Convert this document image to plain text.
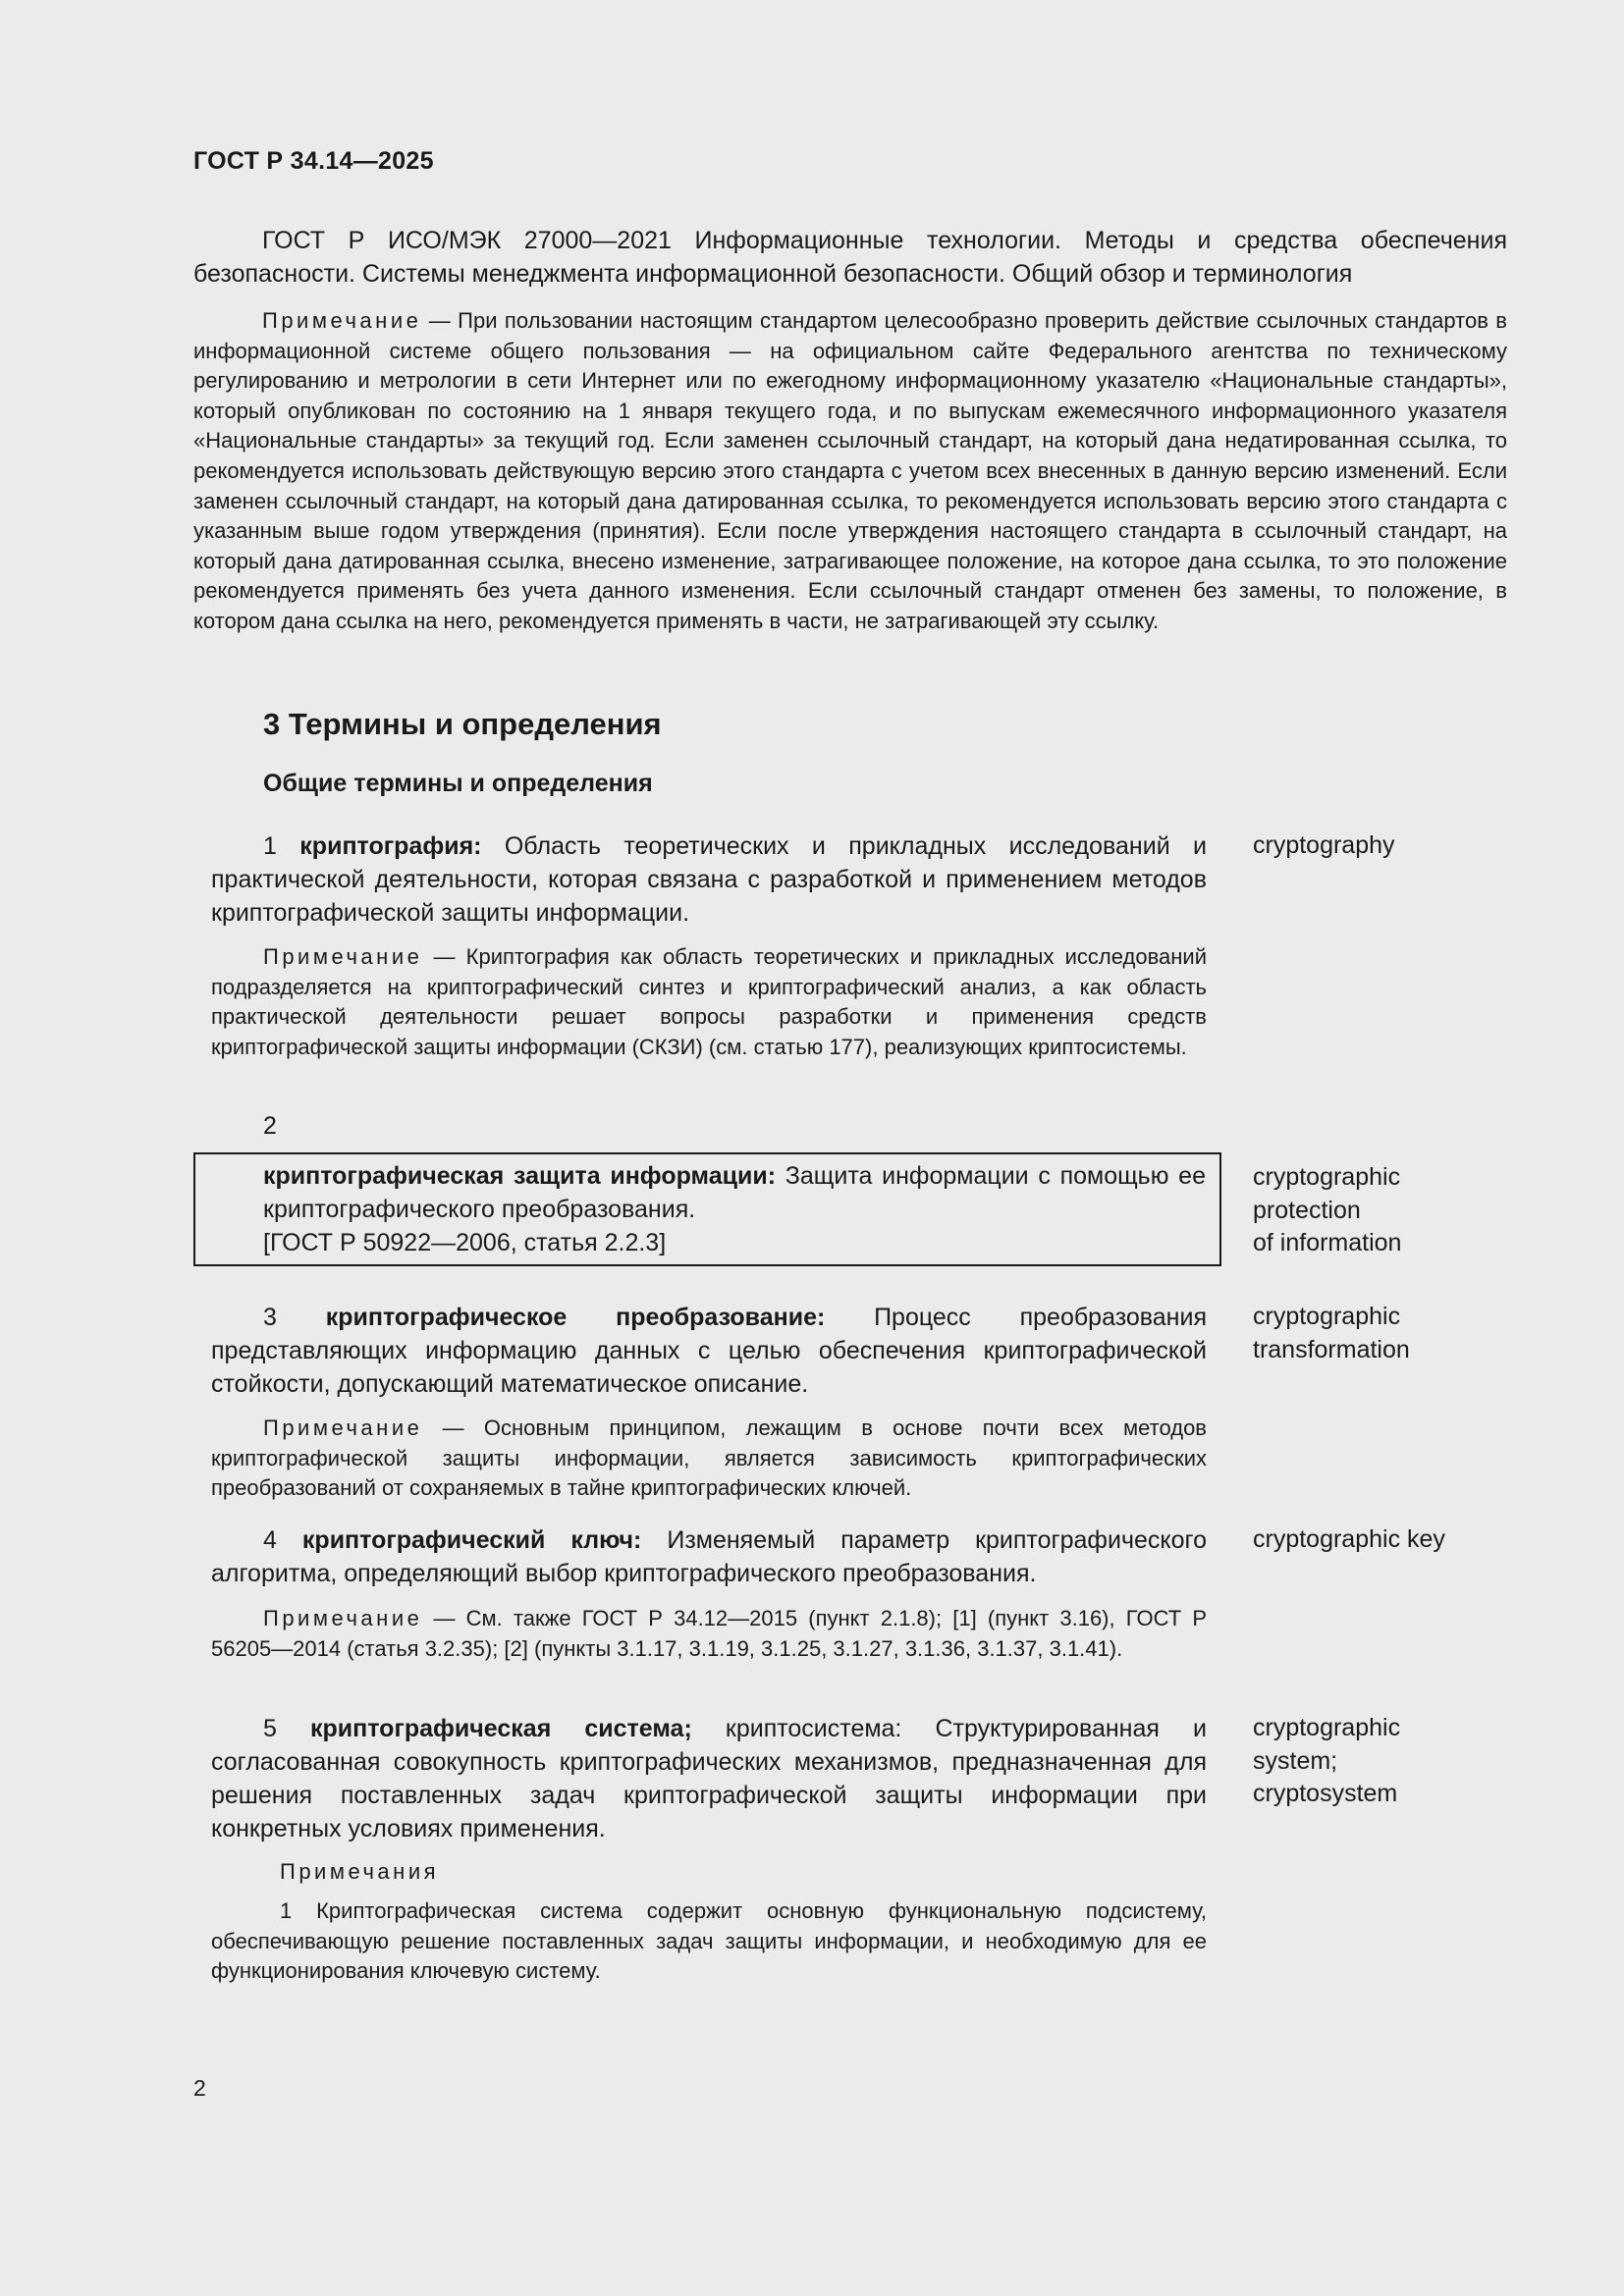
ГОСТ Р 34.14—2025
ГОСТ Р ИСО/МЭК 27000—2021 Информационные технологии. Методы и средства обеспечения безопасности. Системы менеджмента информационной безопасности. Общий обзор и терминология
Примечание — При пользовании настоящим стандартом целесообразно проверить действие ссылочных стандартов в информационной системе общего пользования — на официальном сайте Федерального агентства по техническому регулированию и метрологии в сети Интернет или по ежегодному информационному указателю «Национальные стандарты», который опубликован по состоянию на 1 января текущего года, и по выпускам ежемесячного информационного указателя «Национальные стандарты» за текущий год. Если заменен ссылочный стандарт, на который дана недатированная ссылка, то рекомендуется использовать действующую версию этого стандарта с учетом всех внесенных в данную версию изменений. Если заменен ссылочный стандарт, на который дана датированная ссылка, то рекомендуется использовать версию этого стандарта с указанным выше годом утверждения (принятия). Если после утверждения настоящего стандарта в ссылочный стандарт, на который дана датированная ссылка, внесено изменение, затрагивающее положение, на которое дана ссылка, то это положение рекомендуется применять без учета данного изменения. Если ссылочный стандарт отменен без замены, то положение, в котором дана ссылка на него, рекомендуется применять в части, не затрагивающей эту ссылку.
3 Термины и определения
Общие термины и определения
1 криптография: Область теоретических и прикладных исследований и практической деятельности, которая связана с разработкой и применением методов криптографической защиты информации.
cryptography
Примечание — Криптография как область теоретических и прикладных исследований подразделяется на криптографический синтез и криптографический анализ, а как область практической деятельности решает вопросы разработки и применения средств криптографической защиты информации (СКЗИ) (см. статью 177), реализующих криптосистемы.
2
криптографическая защита информации: Защита информации с помощью ее криптографического преобразования.
[ГОСТ Р 50922—2006, статья 2.2.3]
cryptographic
protection
of information
3 криптографическое преобразование: Процесс преобразования представляющих информацию данных с целью обеспечения криптографической стойкости, допускающий математическое описание.
cryptographic
transformation
Примечание — Основным принципом, лежащим в основе почти всех методов криптографической защиты информации, является зависимость криптографических преобразований от сохраняемых в тайне криптографических ключей.
4 криптографический ключ: Изменяемый параметр криптографического алгоритма, определяющий выбор криптографического преобразования.
cryptographic key
Примечание — См. также ГОСТ Р 34.12—2015 (пункт 2.1.8); [1] (пункт 3.16), ГОСТ Р 56205—2014 (статья 3.2.35); [2] (пункты 3.1.17, 3.1.19, 3.1.25, 3.1.27, 3.1.36, 3.1.37, 3.1.41).
5 криптографическая система; криптосистема: Структурированная и согласованная совокупность криптографических механизмов, предназначенная для решения поставленных задач криптографической защиты информации при конкретных условиях применения.
cryptographic
system;
cryptosystem
Примечания
1 Криптографическая система содержит основную функциональную подсистему, обеспечивающую решение поставленных задач защиты информации, и необходимую для ее функционирования ключевую систему.
2
